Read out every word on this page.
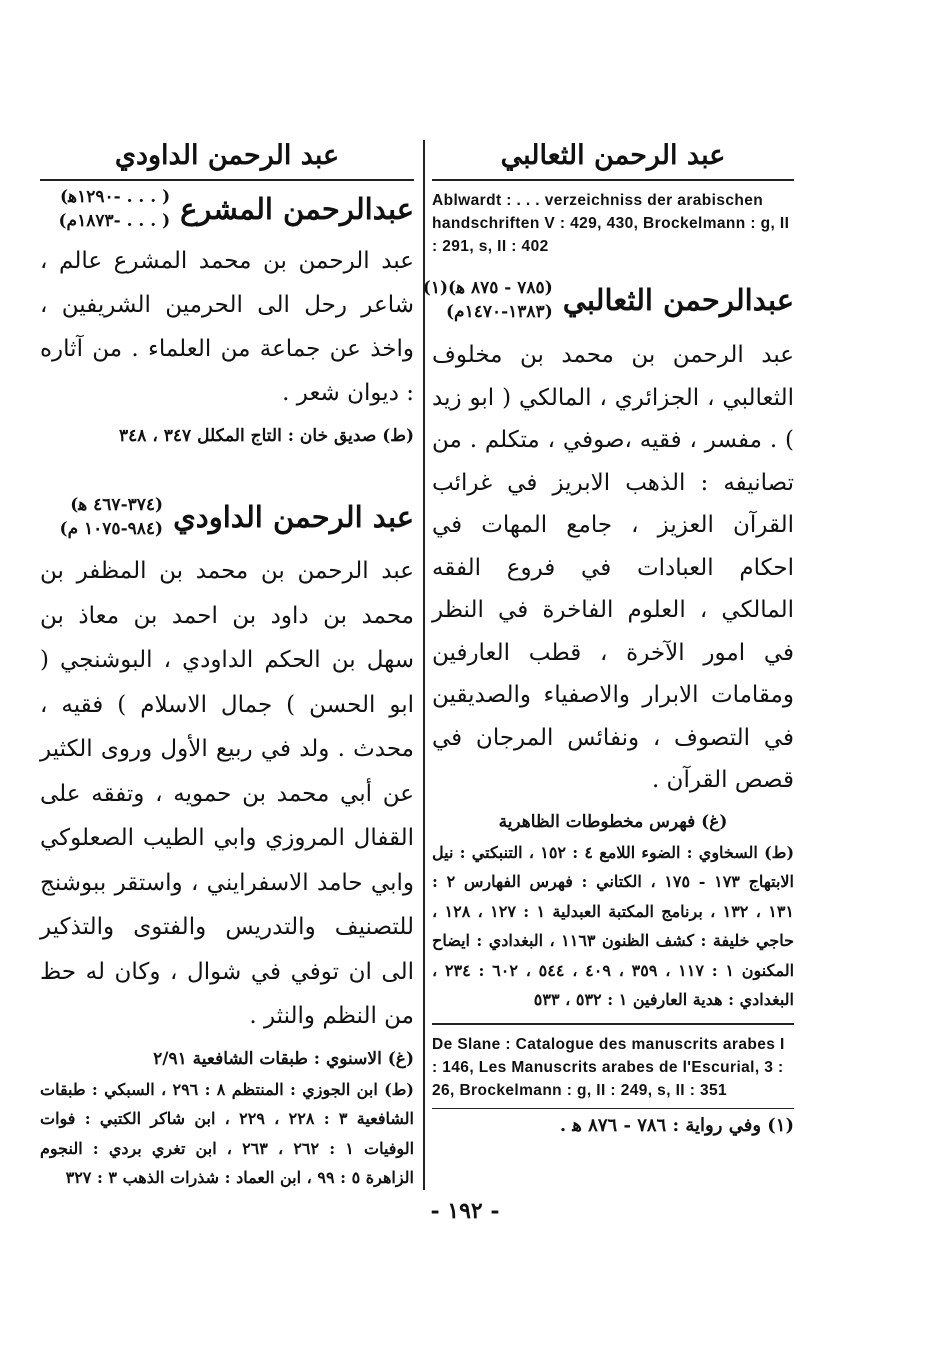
عبد الرحمن الثعالبي

Ablwardt : . . . verzeichniss der arabischen handschriften V : 429, 430, Brockelmann : g, II : 291, s, II : 402

عبدالرحمن الثعالبي
(٧٨٥ - ٨٧٥ ﻫ)(١)
(١٣٨٣-١٤٧٠م)

عبد الرحمن بن محمد بن مخلوف الثعالبي ، الجزائري ، المالكي ( ابو زيد ) . مفسر ، فقيه ،صوفي ، متكلم . من تصانيفه : الذهب الابريز في غرائب القرآن العزيز ، جامع المهات في احكام العبادات في فروع الفقه المالكي ، العلوم الفاخرة في النظر في امور الآخرة ، قطب العارفين ومقامات الابرار والاصفياء والصديقين في التصوف ، ونفائس المرجان في قصص القرآن .

(غ) فهرس مخطوطات الظاهرية

(ط) السخاوي : الضوء اللامع ٤ : ١٥٢ ، التنبكتي : نيل الابتهاج ١٧٣ - ١٧٥ ، الكتاني : فهرس الفهارس ٢ : ١٣١ ، ١٣٢ ، برنامج المكتبة العبدلية ١ : ١٢٧ ، ١٢٨ ، حاجي خليفة : كشف الظنون ١١٦٣ ، البغدادي : ايضاح المكنون ١ : ١١٧ ، ٣٥٩ ، ٤٠٩ ، ٥٤٤ ، ٦٠٢ : ٢٣٤ ، البغدادي : هدية العارفين ١ : ٥٣٢ ، ٥٣٣

De Slane : Catalogue des manuscrits arabes I : 146, Les Manuscrits arabes de l'Escurial, 3 : 26, Brockelmann : g, II : 249, s, II : 351

(١) وفي رواية : ٧٨٦ - ٨٧٦ ﻫ .

عبد الرحمن الداودي
عبدالرحمن المشرع
( . . . -١٢٩٠ﻫ)
( . . . -١٨٧٣م)

عبد الرحمن بن محمد المشرع عالم ، شاعر رحل الى الحرمين الشريفين ، واخذ عن جماعة من العلماء . من آثاره : ديوان شعر .

(ط) صديق خان : التاج المكلل ٣٤٧ ، ٣٤٨

عبد الرحمن الداودي
(٣٧٤-٤٦٧ ﻫ)
(٩٨٤-١٠٧٥ م)

عبد الرحمن بن محمد بن المظفر بن محمد بن داود بن احمد بن معاذ بن سهل بن الحكم الداودي ، البوشنجي ( ابو الحسن ) جمال الاسلام ) فقيه ، محدث . ولد في ربيع الأول وروى الكثير عن أبي محمد بن حمويه ، وتفقه على القفال المروزي وابي الطيب الصعلوكي وابي حامد الاسفرايني ، واستقر ببوشنج للتصنيف والتدريس والفتوى والتذكير الى ان توفي في شوال ، وكان له حظ من النظم والنثر .

(غ) الاسنوي : طبقات الشافعية ٢/٩١

(ط) ابن الجوزي : المنتظم ٨ : ٢٩٦ ، السبكي : طبقات الشافعية ٣ : ٢٢٨ ، ٢٢٩ ، ابن شاكر الكتبي : فوات الوفيات ١ : ٢٦٢ ، ٢٦٣ ، ابن تغري بردي : النجوم الزاهرة ٥ : ٩٩ ، ابن العماد : شذرات الذهب ٣ : ٣٢٧

- ١٩٢ -
